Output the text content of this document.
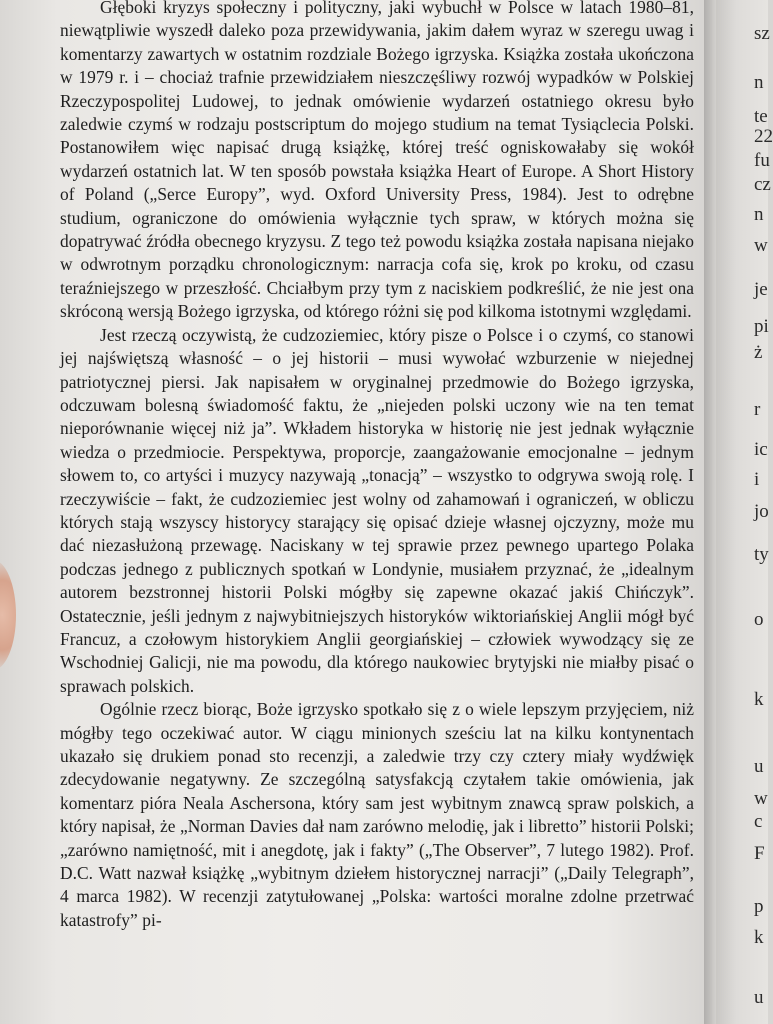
Głęboki kryzys społeczny i polityczny, jaki wybuchł w Polsce w latach 1980–81, niewątpliwie wyszedł daleko poza przewidywania, jakim dałem wyraz w szeregu uwag i komentarzy zawartych w ostatnim rozdziale Bożego igrzyska. Książka została ukończona w 1979 r. i – chociaż trafnie przewidziałem nieszczęśliwy rozwój wypadków w Polskiej Rzeczypospolitej Ludowej, to jednak omówienie wydarzeń ostatniego okresu było zaledwie czymś w rodzaju postscriptum do mojego studium na temat Tysiąclecia Polski. Postanowiłem więc napisać drugą książkę, której treść ogniskowałaby się wokół wydarzeń ostatnich lat. W ten sposób powstała książka Heart of Europe. A Short History of Poland („Serce Europy”, wyd. Oxford University Press, 1984). Jest to odrębne studium, ograniczone do omówienia wyłącznie tych spraw, w których można się dopatrywać źródła obecnego kryzysu. Z tego też powodu książka została napisana niejako w odwrotnym porządku chronologicznym: narracja cofa się, krok po kroku, od czasu teraźniejszego w przeszłość. Chciałbym przy tym z naciskiem podkreślić, że nie jest ona skróconą wersją Bożego igrzyska, od którego różni się pod kilkoma istotnymi względami.

Jest rzeczą oczywistą, że cudzoziemiec, który pisze o Polsce i o czymś, co stanowi jej najświętszą własność – o jej historii – musi wywołać wzburzenie w niejednej patriotycznej piersi. Jak napisałem w oryginalnej przedmowie do Bożego igrzyska, odczuwam bolesną świadomość faktu, że „niejeden polski uczony wie na ten temat nieporównanie więcej niż ja”. Wkładem historyka w historię nie jest jednak wyłącznie wiedza o przedmiocie. Perspektywa, proporcje, zaangażowanie emocjonalne – jednym słowem to, co artyści i muzycy nazywają „tonacją” – wszystko to odgrywa swoją rolę. I rzeczywiście – fakt, że cudzoziemiec jest wolny od zahamowań i ograniczeń, w obliczu których stają wszyscy historycy starający się opisać dzieje własnej ojczyzny, może mu dać niezasłużoną przewagę. Naciskany w tej sprawie przez pewnego upartego Polaka podczas jednego z publicznych spotkań w Londynie, musiałem przyznać, że „idealnym autorem bezstronnej historii Polski mógłby się zapewne okazać jakiś Chińczyk”. Ostatecznie, jeśli jednym z najwybitniejszych historyków wiktoriańskiej Anglii mógł być Francuz, a czołowym historykiem Anglii georgiańskiej – człowiek wywodzący się ze Wschodniej Galicji, nie ma powodu, dla którego naukowiec brytyjski nie miałby pisać o sprawach polskich.

Ogólnie rzecz biorąc, Boże igrzysko spotkało się z o wiele lepszym przyjęciem, niż mógłby tego oczekiwać autor. W ciągu minionych sześciu lat na kilku kontynentach ukazało się drukiem ponad sto recenzji, a zaledwie trzy czy cztery miały wydźwięk zdecydowanie negatywny. Ze szczególną satysfakcją czytałem takie omówienia, jak komentarz pióra Neala Aschersona, który sam jest wybitnym znawcą spraw polskich, a który napisał, że „Norman Davies dał nam zarówno melodię, jak i libretto” historii Polski; „zarówno namiętność, mit i anegdotę, jak i fakty” („The Observer”, 7 lutego 1982). Prof. D.C. Watt nazwał książkę „wybitnym dziełem historycznej narracji” („Daily Telegraph”, 4 marca 1982). W recenzji zatytułowanej „Polska: wartości moralne zdolne przetrwać katastrofy” pi-

sz
n
te
22
fu
cz
n
w
je
pi
ż
r
ic
i
jo
ty
o
k
u
w
c
F
p
k
u
